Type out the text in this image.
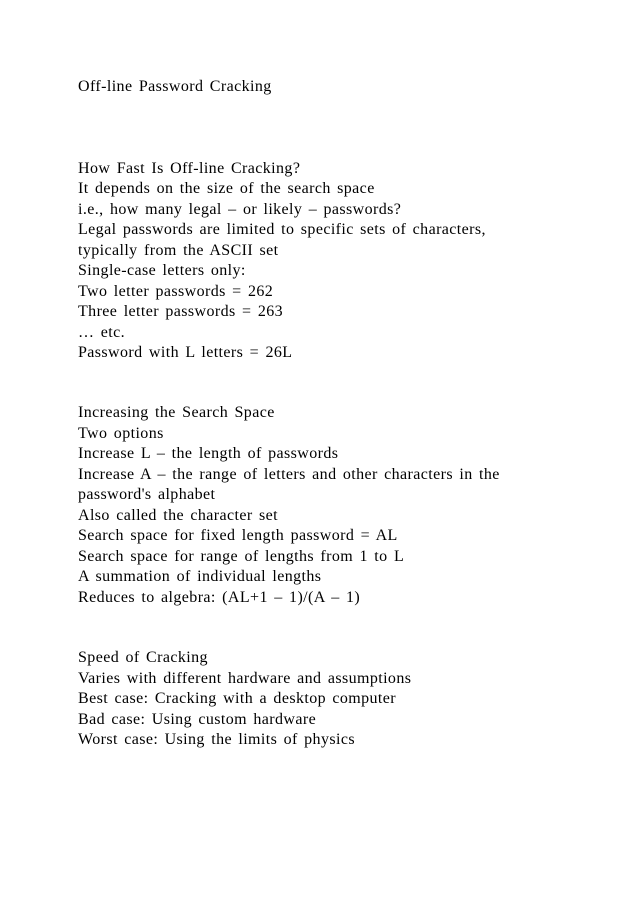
Off-line Password Cracking
How Fast Is Off-line Cracking?
It depends on the size of the search space
i.e., how many legal – or likely – passwords?
Legal passwords are limited to specific sets of characters,
typically from the ASCII set
Single-case letters only:
Two letter passwords = 262
Three letter passwords = 263
… etc.
Password with L letters = 26L
Increasing the Search Space
Two options
Increase L – the length of passwords
Increase A – the range of letters and other characters in the
password's alphabet
Also called the character set
Search space for fixed length password = AL
Search space for range of lengths from 1 to L
A summation of individual lengths
Reduces to algebra: (AL+1 – 1)/(A – 1)
Speed of Cracking
Varies with different hardware and assumptions
Best case: Cracking with a desktop computer
Bad case: Using custom hardware
Worst case: Using the limits of physics
